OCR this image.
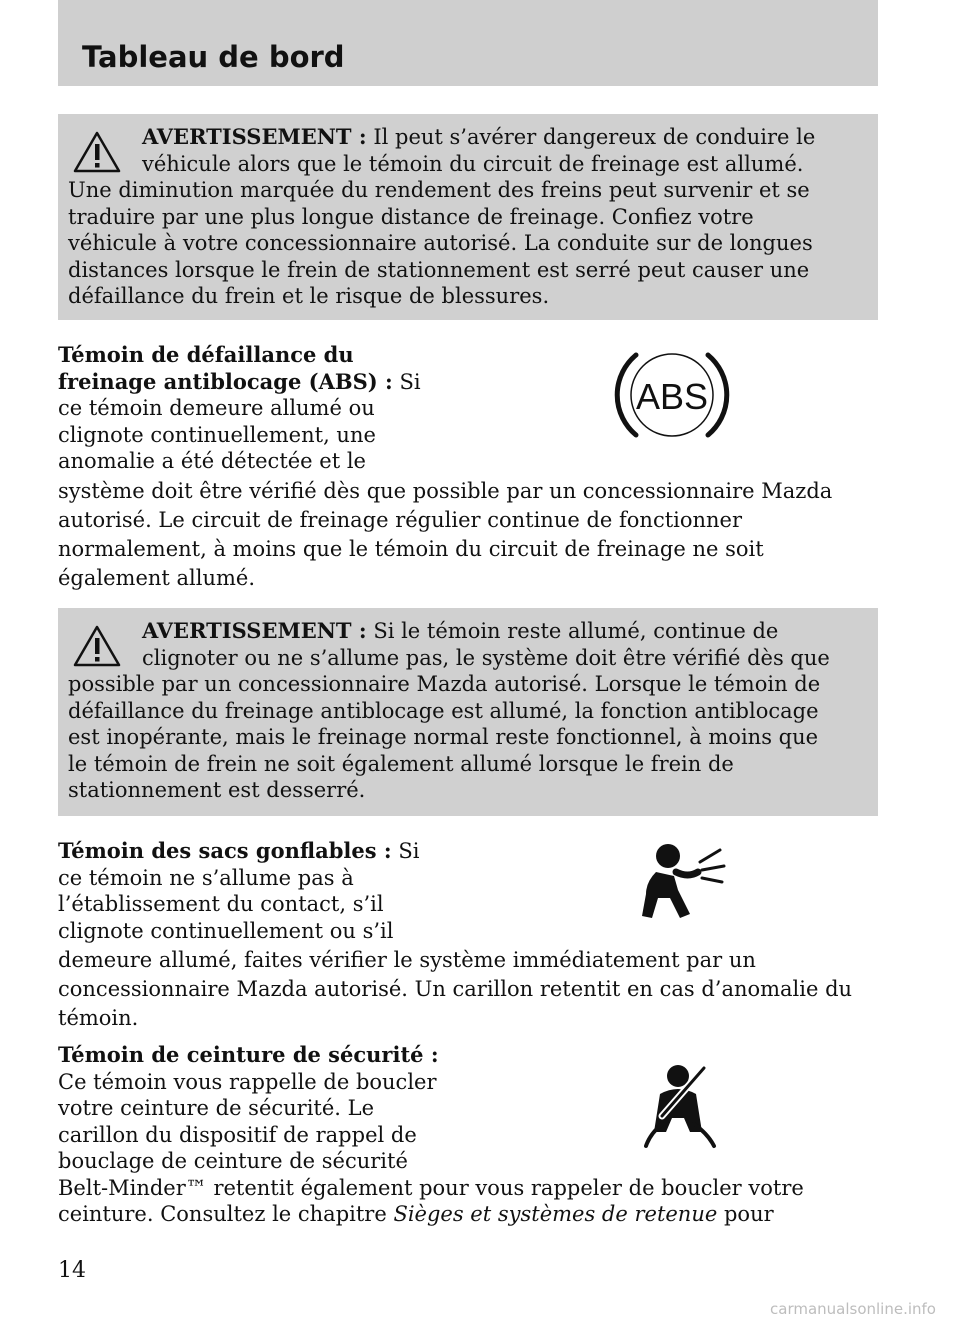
Tableau de bord

AVERTISSEMENT : Il peut s’avérer dangereux de conduire le

véhicule alors que le témoin du circuit de freinage est allumé.

Une diminution marquée du rendement des freins peut survenir et se

traduire par une plus longue distance de freinage. Confiez votre

véhicule à votre concessionnaire autorisé. La conduite sur de longues

distances lorsque le frein de stationnement est serré peut causer une

défaillance du frein et le risque de blessures.

Témoin de défaillance du

freinage antiblocage (ABS) : Si

ce témoin demeure allumé ou

clignote continuellement, une

anomalie a été détectée et le

système doit être vérifié dès que possible par un concessionnaire Mazda

autorisé. Le circuit de freinage régulier continue de fonctionner

normalement, à moins que le témoin du circuit de freinage ne soit

également allumé.

ABS

AVERTISSEMENT : Si le témoin reste allumé, continue de

clignoter ou ne s’allume pas, le système doit être vérifié dès que

possible par un concessionnaire Mazda autorisé. Lorsque le témoin de

défaillance du freinage antiblocage est allumé, la fonction antiblocage

est inopérante, mais le freinage normal reste fonctionnel, à moins que

le témoin de frein ne soit également allumé lorsque le frein de

stationnement est desserré.

Témoin des sacs gonflables : Si

ce témoin ne s’allume pas à

l’établissement du contact, s’il

clignote continuellement ou s’il

demeure allumé, faites vérifier le système immédiatement par un

concessionnaire Mazda autorisé. Un carillon retentit en cas d’anomalie du

témoin.

Témoin de ceinture de sécurité :

Ce témoin vous rappelle de boucler

votre ceinture de sécurité. Le

carillon du dispositif de rappel de

bouclage de ceinture de sécurité

Belt-Minder™ retentit également pour vous rappeler de boucler votre

ceinture. Consultez le chapitre Sièges et systèmes de retenue pour

14
carmanualsonline.info
